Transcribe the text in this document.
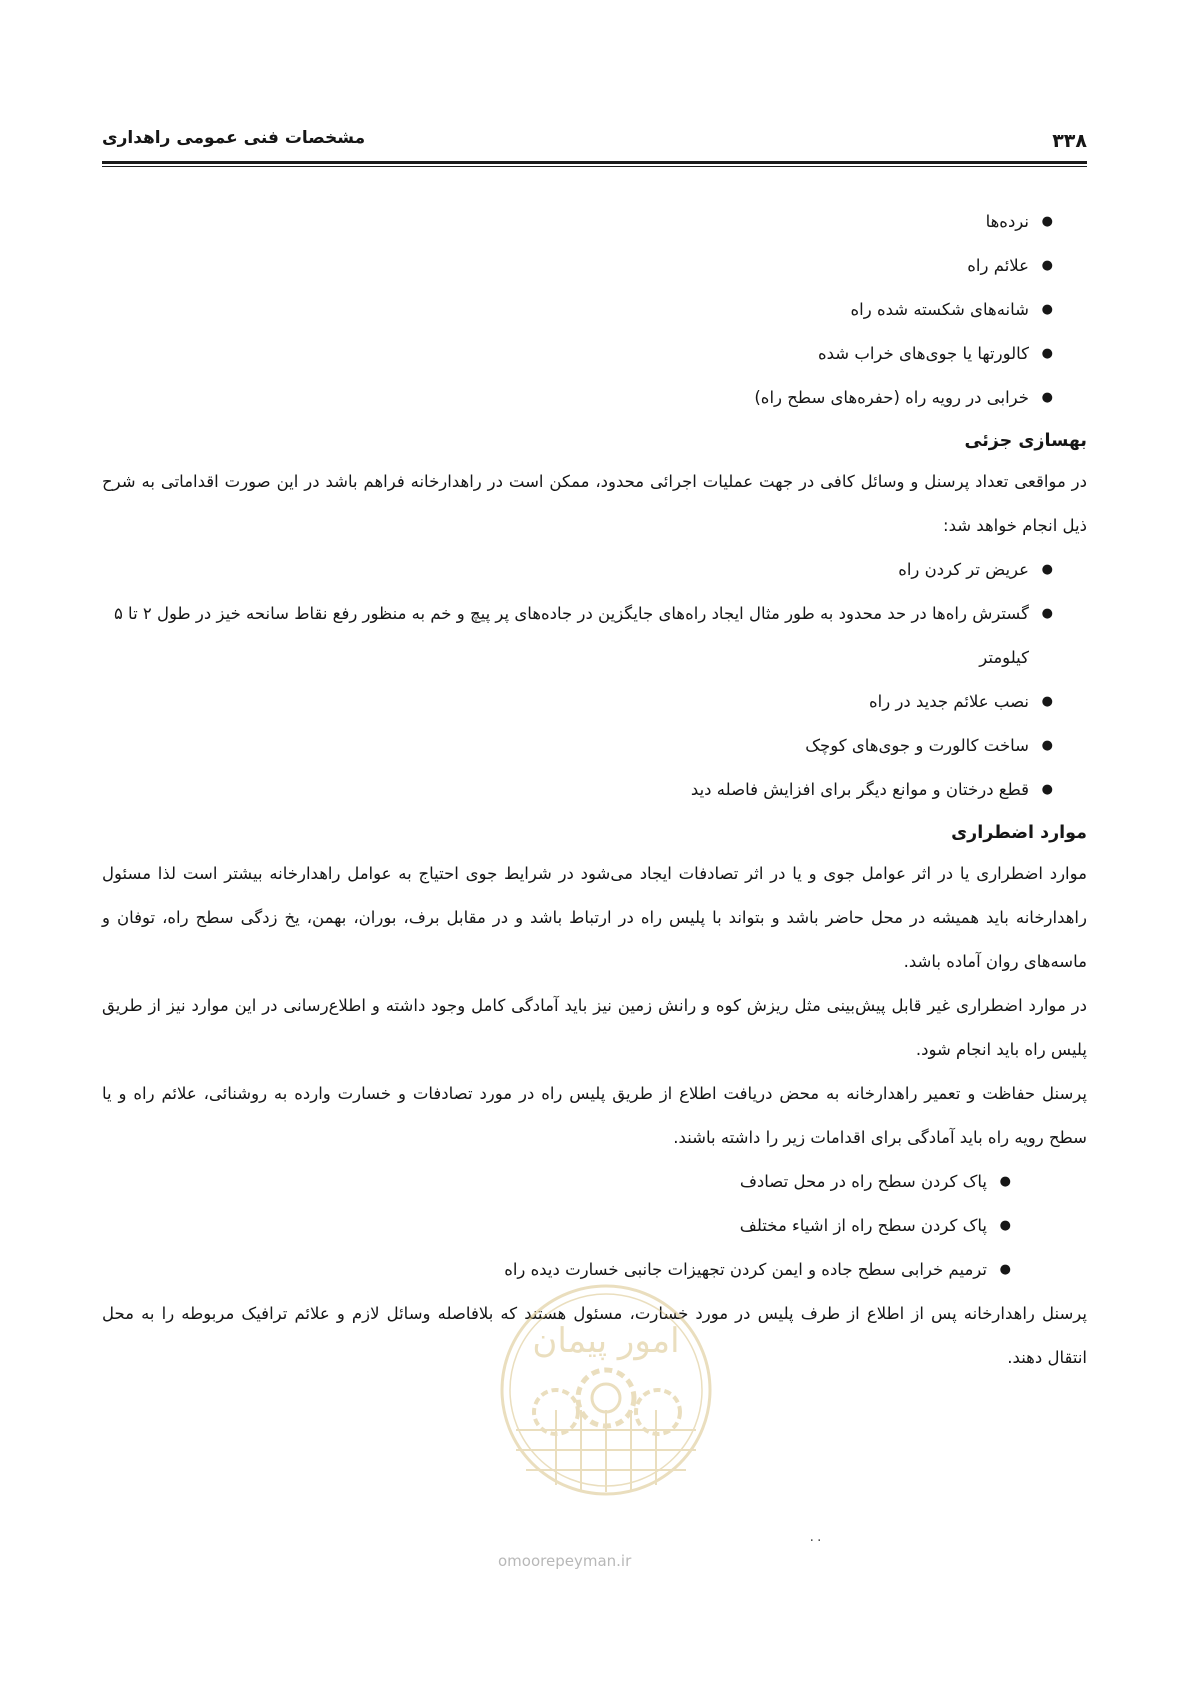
مشخصات فنی عمومی راهداری	۳۳۸
●
نرده‌ها
●
علائم راه
●
شانه‌های شکسته شده راه
●
کالورتها یا جوی‌های خراب شده
●
خرابی در رویه راه (حفره‌های سطح راه)
بهسازی جزئی

در مواقعی تعداد پرسنل و وسائل کافی در جهت عملیات اجرائی محدود، ممکن است در راهدارخانه فراهم باشد در این صورت اقداماتی به شرح ذیل انجام خواهد شد:

●
عریض تر کردن راه
●
گسترش راه‌ها در حد محدود به طور مثال ایجاد راه‌های جایگزین در جاده‌های پر پیچ و خم به منظور رفع نقاط سانحه خیز در طول ۲ تا ۵ کیلومتر
●
نصب علائم جدید در راه
●
ساخت کالورت و جوی‌های کوچک
●
قطع درختان و موانع دیگر برای افزایش فاصله دید
موارد اضطراری

موارد اضطراری یا در اثر عوامل جوی و یا در اثر تصادفات ایجاد می‌شود در شرایط جوی احتیاج به عوامل راهدارخانه بیشتر است لذا مسئول راهدارخانه باید همیشه در محل حاضر باشد و بتواند با پلیس راه در ارتباط باشد و در مقابل برف، بوران، بهمن، یخ زدگی سطح راه، توفان و ماسه‌های روان آماده باشد.

در موارد اضطراری غیر قابل پیش‌بینی مثل ریزش کوه و رانش زمین نیز باید آمادگی کامل وجود داشته و اطلاع‌رسانی در این موارد نیز از طریق پلیس راه باید انجام شود.

پرسنل حفاظت و تعمیر راهدارخانه به محض دریافت اطلاع از طریق پلیس راه در مورد تصادفات و خسارت وارده به روشنائی، علائم راه و یا سطح رویه راه باید آمادگی برای اقدامات زیر را داشته باشند.

●
پاک کردن سطح راه در محل تصادف
●
پاک کردن سطح راه از اشیاء مختلف
●
ترمیم خرابی سطح جاده و ایمن کردن تجهیزات جانبی خسارت دیده راه

پرسنل راهدارخانه پس از اطلاع از طرف پلیس در مورد خسارت، مسئول هستند که بلافاصله وسائل لازم و علائم ترافیک مربوطه را به محل انتقال دهند.

امور پیمان
omoorepeyman.ir
٠٠
